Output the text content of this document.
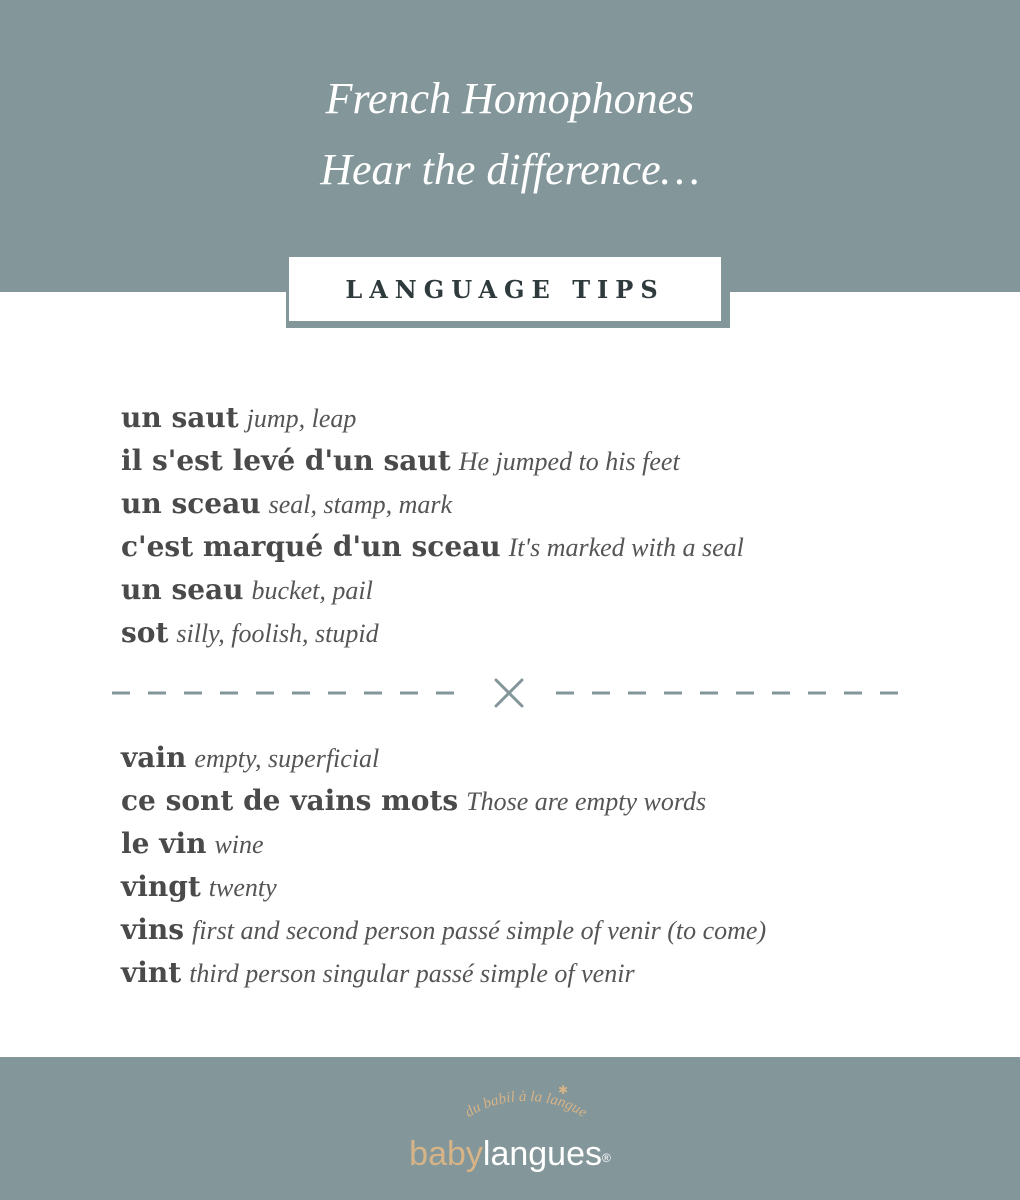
French Homophones
Hear the difference…
LANGUAGE TIPS
un saut jump, leap
il s'est levé d'un saut He jumped to his feet
un sceau seal, stamp, mark
c'est marqué d'un sceau It's marked with a seal
un seau bucket, pail
sot silly, foolish, stupid
vain empty, superficial
ce sont de vains mots Those are empty words
le vin wine
vingt twenty
vins first and second person passé simple of venir (to come)
vint third person singular passé simple of venir
du babil à la langue
✱
babylangues®
